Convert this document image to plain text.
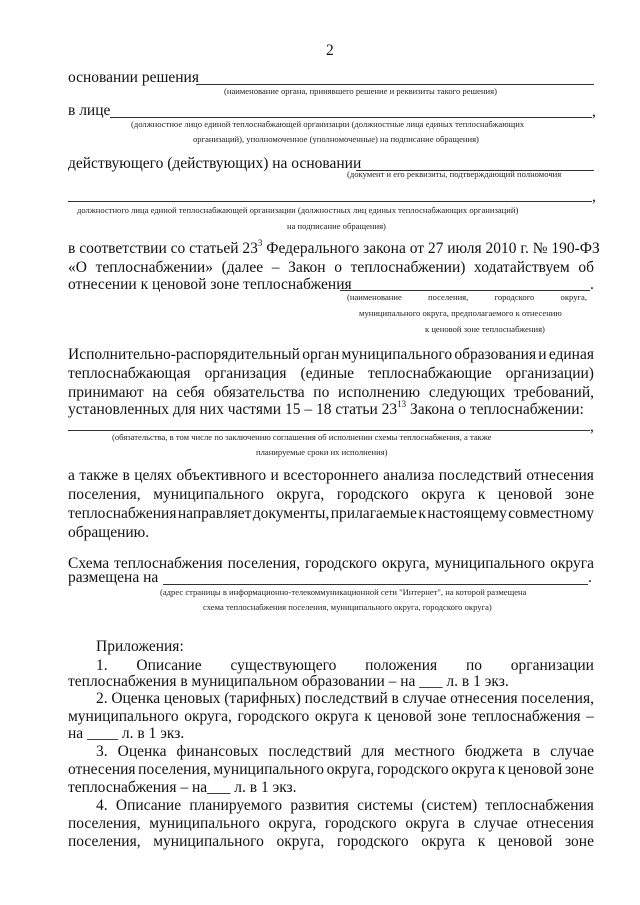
2
основании решения
(наименование органа, принявшего решение и реквизиты такого решения)
в лице	,
(должностное лицо единой теплоснабжающей организации (должностные лица единых теплоснабжающих
организаций), уполномоченное (уполномоченные) на подписание обращения)
действующего (действующих) на основании
(документ и его реквизиты, подтверждающий полномочия
,
должностного лица единой теплоснабжающей организации (должностных лиц единых теплоснабжающих организаций)
на подписание обращения)
в соответствии со статьей $23^3$ Федерального закона от 27 июля 2010 г. № 190-ФЗ
«О теплоснабжении» (далее – Закон о теплоснабжении) ходатайствуем об
отнесении к ценовой зоне теплоснабжения	.
(наименование	поселения,	городского	округа,
муниципального округа, предполагаемого к отнесению
к ценовой зоне теплоснабжения)
Исполнительно-распорядительный орган муниципального образования и единая
теплоснабжающая организация (единые теплоснабжающие организации)
принимают на себя обязательства по исполнению следующих требований,
установленных для них частями 15 – 18 статьи $23^{13}$ Закона о теплоснабжении:
,
(обязательства, в том числе по заключению соглашения об исполнении схемы теплоснабжения, а также
планируемые сроки их исполнения)
а также в целях объективного и всестороннего анализа последствий отнесения
поселения, муниципального округа, городского округа к ценовой зоне
теплоснабжения направляет документы, прилагаемые к настоящему совместному
обращению.
Схема теплоснабжения поселения, городского округа, муниципального округа
размещена на	.
(адрес страницы в информационно-телекоммуникационной сети "Интернет", на которой размещена
схема теплоснабжения поселения, муниципального округа, городского округа)
Приложения:
1. Описание существующего положения по организации
теплоснабжения в муниципальном образовании – на ___ л. в 1 экз.
2. Оценка ценовых (тарифных) последствий в случае отнесения поселения,
муниципального округа, городского округа к ценовой зоне теплоснабжения –
на ____ л. в 1 экз.
3. Оценка финансовых последствий для местного бюджета в случае
отнесения поселения, муниципального округа, городского округа к ценовой зоне
теплоснабжения – на___ л. в 1 экз.
4. Описание планируемого развития системы (систем) теплоснабжения
поселения, муниципального округа, городского округа в случае отнесения
поселения, муниципального округа, городского округа к ценовой зоне
